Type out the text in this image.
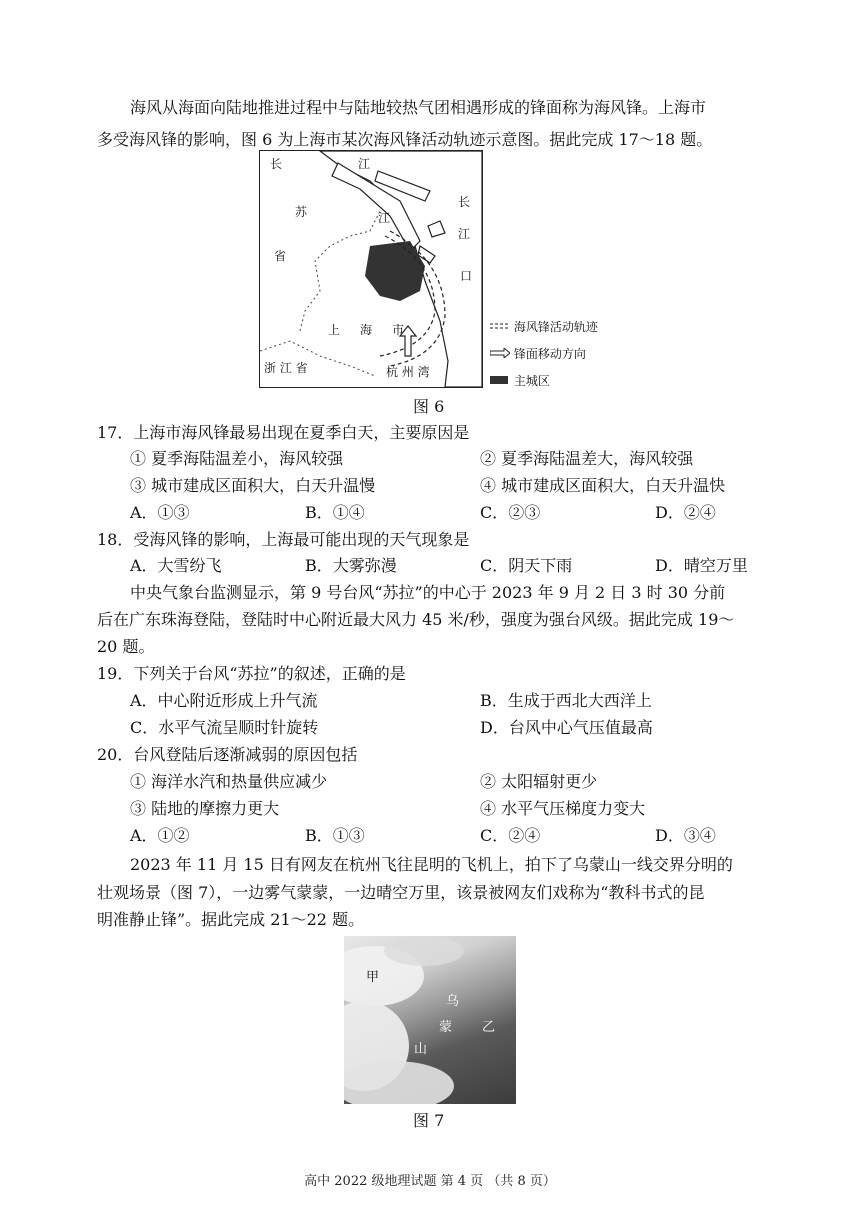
海风从海面向陆地推进过程中与陆地较热气团相遇形成的锋面称为海风锋。上海市
多受海风锋的影响，图 6 为上海市某次海风锋活动轨迹示意图。据此完成 17～18 题。
长	江
长
江
江
口
苏
省
上 海 市
浙 江 省	杭 州 湾
海风锋活动轨迹
锋面移动方向
主城区
图 6
17．上海市海风锋最易出现在夏季白天，主要原因是
① 夏季海陆温差小，海风较强	② 夏季海陆温差大，海风较强
③ 城市建成区面积大，白天升温慢	④ 城市建成区面积大，白天升温快
A．①③	B．①④	C．②③	D．②④
18．受海风锋的影响，上海最可能出现的天气现象是
A．大雪纷飞	B．大雾弥漫	C．阴天下雨	D．晴空万里
中央气象台监测显示，第 9 号台风“苏拉”的中心于 2023 年 9 月 2 日 3 时 30 分前
后在广东珠海登陆，登陆时中心附近最大风力 45 米/秒，强度为强台风级。据此完成 19～
20 题。
19．下列关于台风“苏拉”的叙述，正确的是
A．中心附近形成上升气流	B．生成于西北大西洋上
C．水平气流呈顺时针旋转	D．台风中心气压值最高
20．台风登陆后逐渐减弱的原因包括
① 海洋水汽和热量供应减少	② 太阳辐射更少
③ 陆地的摩擦力更大	④ 水平气压梯度力变大
A．①②	B．①③	C．②④	D．③④
2023 年 11 月 15 日有网友在杭州飞往昆明的飞机上，拍下了乌蒙山一线交界分明的
壮观场景（图 7），一边雾气蒙蒙，一边晴空万里，该景被网友们戏称为“教科书式的昆
明准静止锋”。据此完成 21～22 题。
甲
乌
蒙
山
乙
图 7
高中 2022 级地理试题 第 4 页 （共 8 页）
